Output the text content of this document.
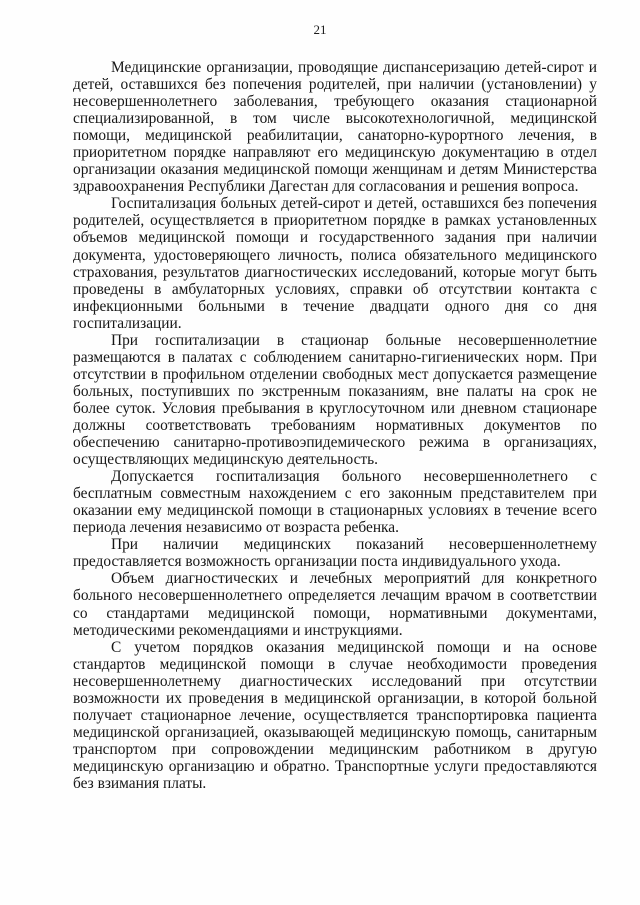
21

Медицинские организации, проводящие диспансеризацию детей-сирот и детей, оставшихся без попечения родителей, при наличии (установлении) у несовершеннолетнего заболевания, требующего оказания стационарной специализированной, в том числе высокотехнологичной, медицинской помощи, медицинской реабилитации, санаторно-курортного лечения, в приоритетном порядке направляют его медицинскую документацию в отдел организации оказания медицинской помощи женщинам и детям Министерства здравоохранения Республики Дагестан для согласования и решения вопроса.

Госпитализация больных детей-сирот и детей, оставшихся без попечения родителей, осуществляется в приоритетном порядке в рамках установленных объемов медицинской помощи и государственного задания при наличии документа, удостоверяющего личность, полиса обязательного медицинского страхования, результатов диагностических исследований, которые могут быть проведены в амбулаторных условиях, справки об отсутствии контакта с инфекционными больными в течение двадцати одного дня со дня госпитализации.

При госпитализации в стационар больные несовершеннолетние размещаются в палатах с соблюдением санитарно-гигиенических норм. При отсутствии в профильном отделении свободных мест допускается размещение больных, поступивших по экстренным показаниям, вне палаты на срок не более суток. Условия пребывания в круглосуточном или дневном стационаре должны соответствовать требованиям нормативных документов по обеспечению санитарно-противоэпидемического режима в организациях, осуществляющих медицинскую деятельность.

Допускается госпитализация больного несовершеннолетнего с бесплатным совместным нахождением с его законным представителем при оказании ему медицинской помощи в стационарных условиях в течение всего периода лечения независимо от возраста ребенка.

При наличии медицинских показаний несовершеннолетнему предоставляется возможность организации поста индивидуального ухода.

Объем диагностических и лечебных мероприятий для конкретного больного несовершеннолетнего определяется лечащим врачом в соответствии со стандартами медицинской помощи, нормативными документами, методическими рекомендациями и инструкциями.

С учетом порядков оказания медицинской помощи и на основе стандартов медицинской помощи в случае необходимости проведения несовершеннолетнему диагностических исследований при отсутствии возможности их проведения в медицинской организации, в которой больной получает стационарное лечение, осуществляется транспортировка пациента медицинской организацией, оказывающей медицинскую помощь, санитарным транспортом при сопровождении медицинским работником в другую медицинскую организацию и обратно. Транспортные услуги предоставляются без взимания платы.
